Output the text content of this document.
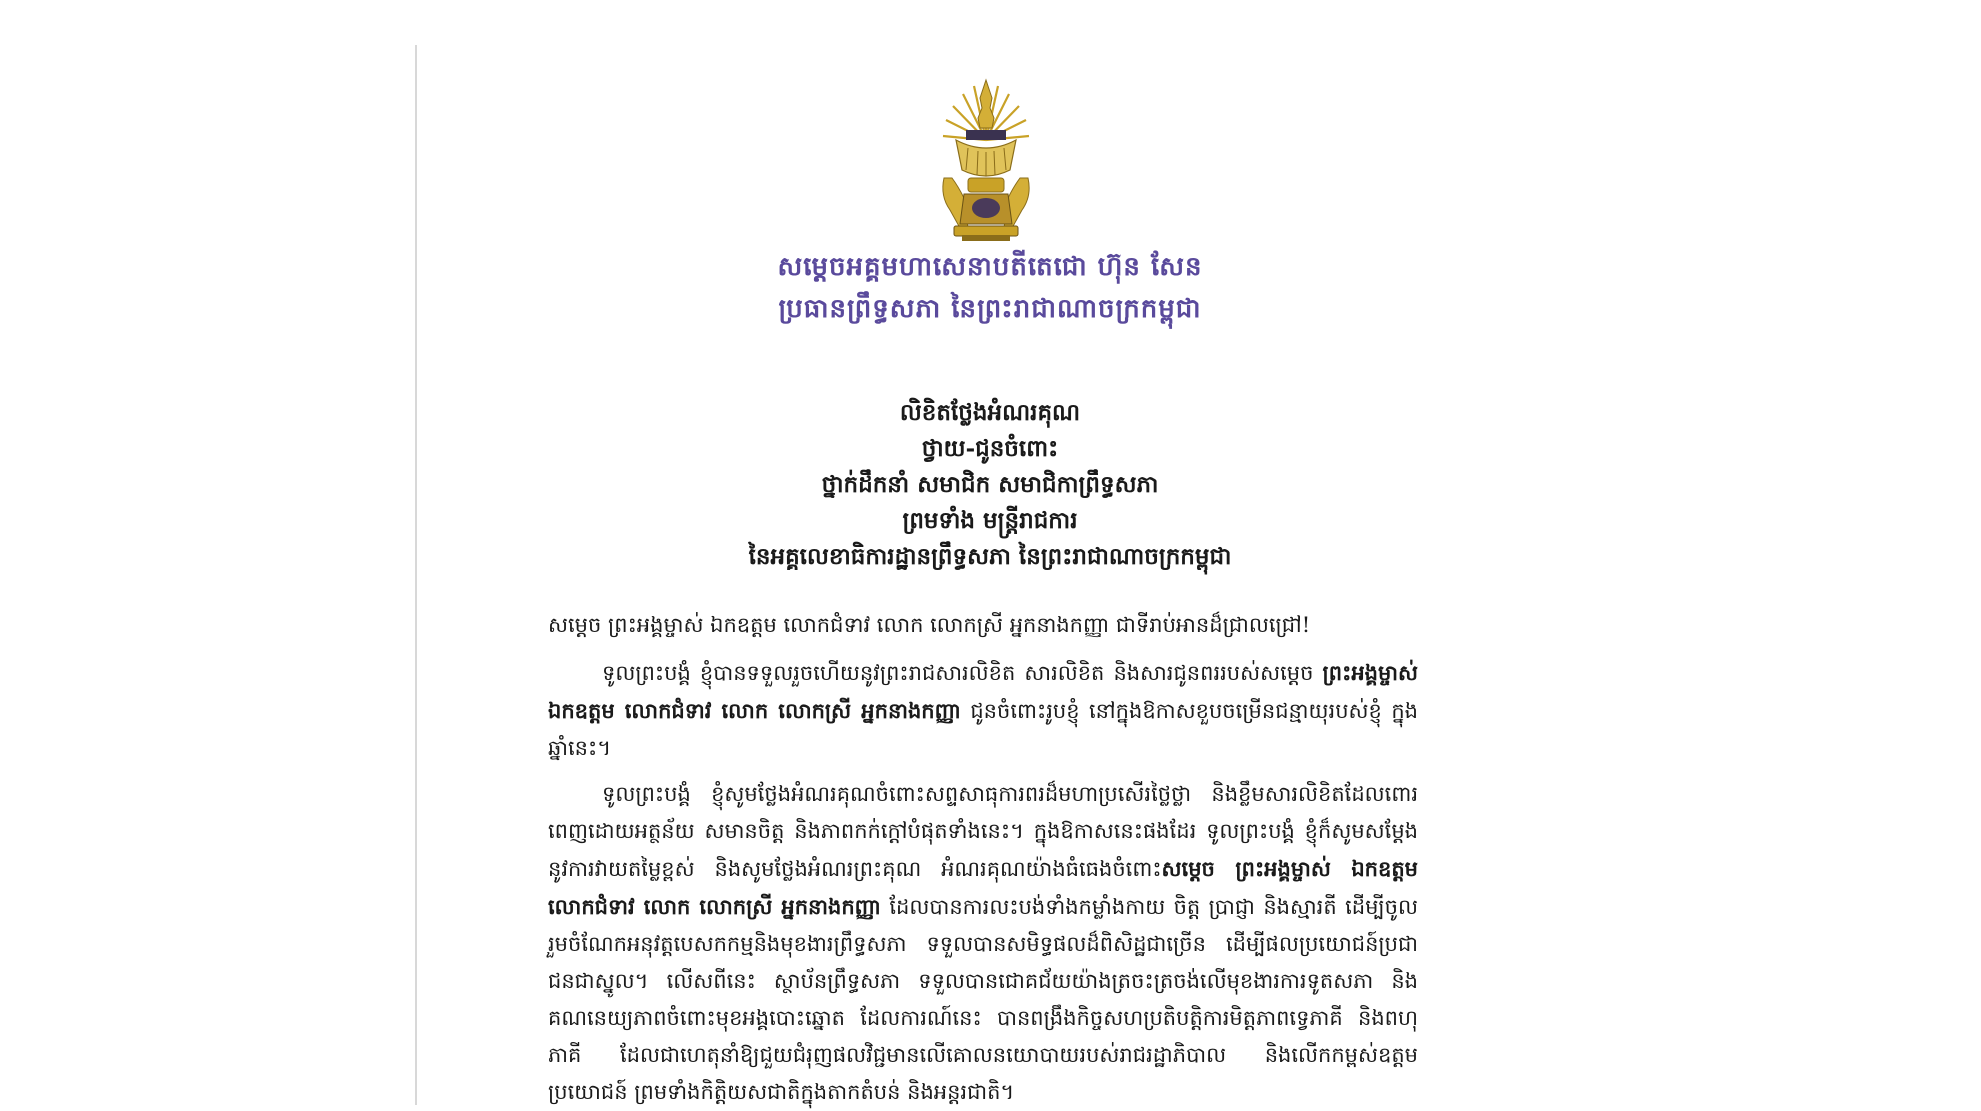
សម្តេចអគ្គមហាសេនាបតីតេជោ ហ៊ុន សែន
ប្រធានព្រឹទ្ធសភា នៃព្រះរាជាណាចក្រកម្ពុជា
លិខិតថ្លែងអំណរគុណ
ថ្វាយ-ជូនចំពោះ
ថ្នាក់ដឹកនាំ សមាជិក សមាជិកាព្រឹទ្ធសភា
ព្រមទាំង មន្ត្រីរាជការ
នៃអគ្គលេខាធិការដ្ឋានព្រឹទ្ធសភា នៃព្រះរាជាណាចក្រកម្ពុជា
សម្តេច ព្រះអង្គម្ចាស់ ឯកឧត្តម លោកជំទាវ លោក លោកស្រី អ្នកនាងកញ្ញា ជាទីរាប់អានដ៏ជ្រាលជ្រៅ!
ទូលព្រះបង្គំ ខ្ញុំបានទទួលរួចហើយនូវព្រះរាជសារលិខិត សារលិខិត និងសារជូនពររបស់សម្តេច ព្រះអង្គម្ចាស់ ឯកឧត្តម លោកជំទាវ លោក លោកស្រី អ្នកនាងកញ្ញា ជូនចំពោះរូបខ្ញុំ នៅក្នុងឱកាសខួបចម្រើនជន្មាយុរបស់ខ្ញុំ ក្នុងឆ្នាំនេះ។
ទូលព្រះបង្គំ ខ្ញុំសូមថ្លែងអំណរគុណចំពោះសព្ទសាធុការពរដ៏មហាប្រសើរថ្លៃថ្លា និងខ្លឹមសារលិខិតដែលពោរពេញដោយអត្ថន័យ សមានចិត្ត និងភាពកក់ក្តៅបំផុតទាំងនេះ។ ក្នុងឱកាសនេះផងដែរ ទូលព្រះបង្គំ ខ្ញុំក៏សូមសម្តែងនូវការវាយតម្លៃខ្ពស់ និងសូមថ្លែងអំណរព្រះគុណ អំណរគុណយ៉ាងធំធេងចំពោះសម្តេច ព្រះអង្គម្ចាស់ ឯកឧត្តម លោកជំទាវ លោក លោកស្រី អ្នកនាងកញ្ញា ដែលបានការលះបង់ទាំងកម្លាំងកាយ ចិត្ត ប្រាជ្ញា និងស្មារតី ដើម្បីចូលរួមចំណែកអនុវត្តបេសកកម្មនិងមុខងារព្រឹទ្ធសភា ទទួលបានសមិទ្ធផលដ៏ពិសិដ្ឋជាច្រើន ដើម្បីផលប្រយោជន៍ប្រជាជនជាស្នូល។ លើសពីនេះ ស្ថាប័នព្រឹទ្ធសភា ទទួលបានជោគជ័យយ៉ាងត្រចះត្រចង់លើមុខងារការទូតសភា និងគណនេយ្យភាពចំពោះមុខអង្គបោះឆ្នោត ដែលការណ៍នេះ បានពង្រឹងកិច្ចសហប្រតិបត្តិការមិត្តភាពទ្វេភាគី និងពហុភាគី ដែលជាហេតុនាំឱ្យជួយជំរុញផលវិជ្ជមានលើគោលនយោបាយរបស់រាជរដ្ឋាភិបាល និងលើកកម្ពស់ឧត្តមប្រយោជន៍ ព្រមទាំងកិត្តិយសជាតិក្នុងតាកតំបន់ និងអន្តរជាតិ។
